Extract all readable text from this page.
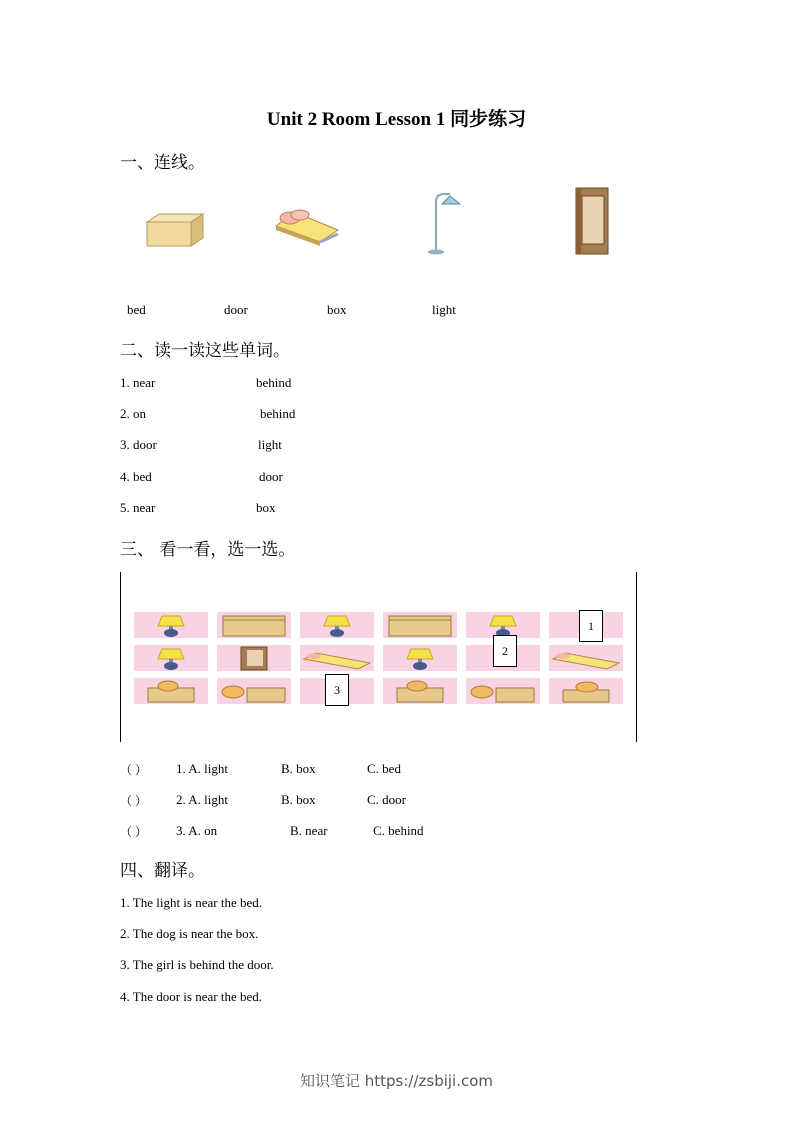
Unit 2 Room Lesson 1 同步练习
一、连线。
bed	door	box	light
二、读一读这些单词。
1. near	behind
2. on	behind
3. door	light
4. bed	door
5. near	box
三、 看一看，选一选。
1
2
3
（ ） 1. A. light	B. box	C. bed
（ ） 2. A. light	B. box	C. door
（ ） 3. A. on	B. near	C. behind
四、翻译。
1. The light is near the bed.
2. The dog is near the box.
3. The girl is behind the door.
4. The door is near the bed.
知识笔记 https://zsbiji.com
